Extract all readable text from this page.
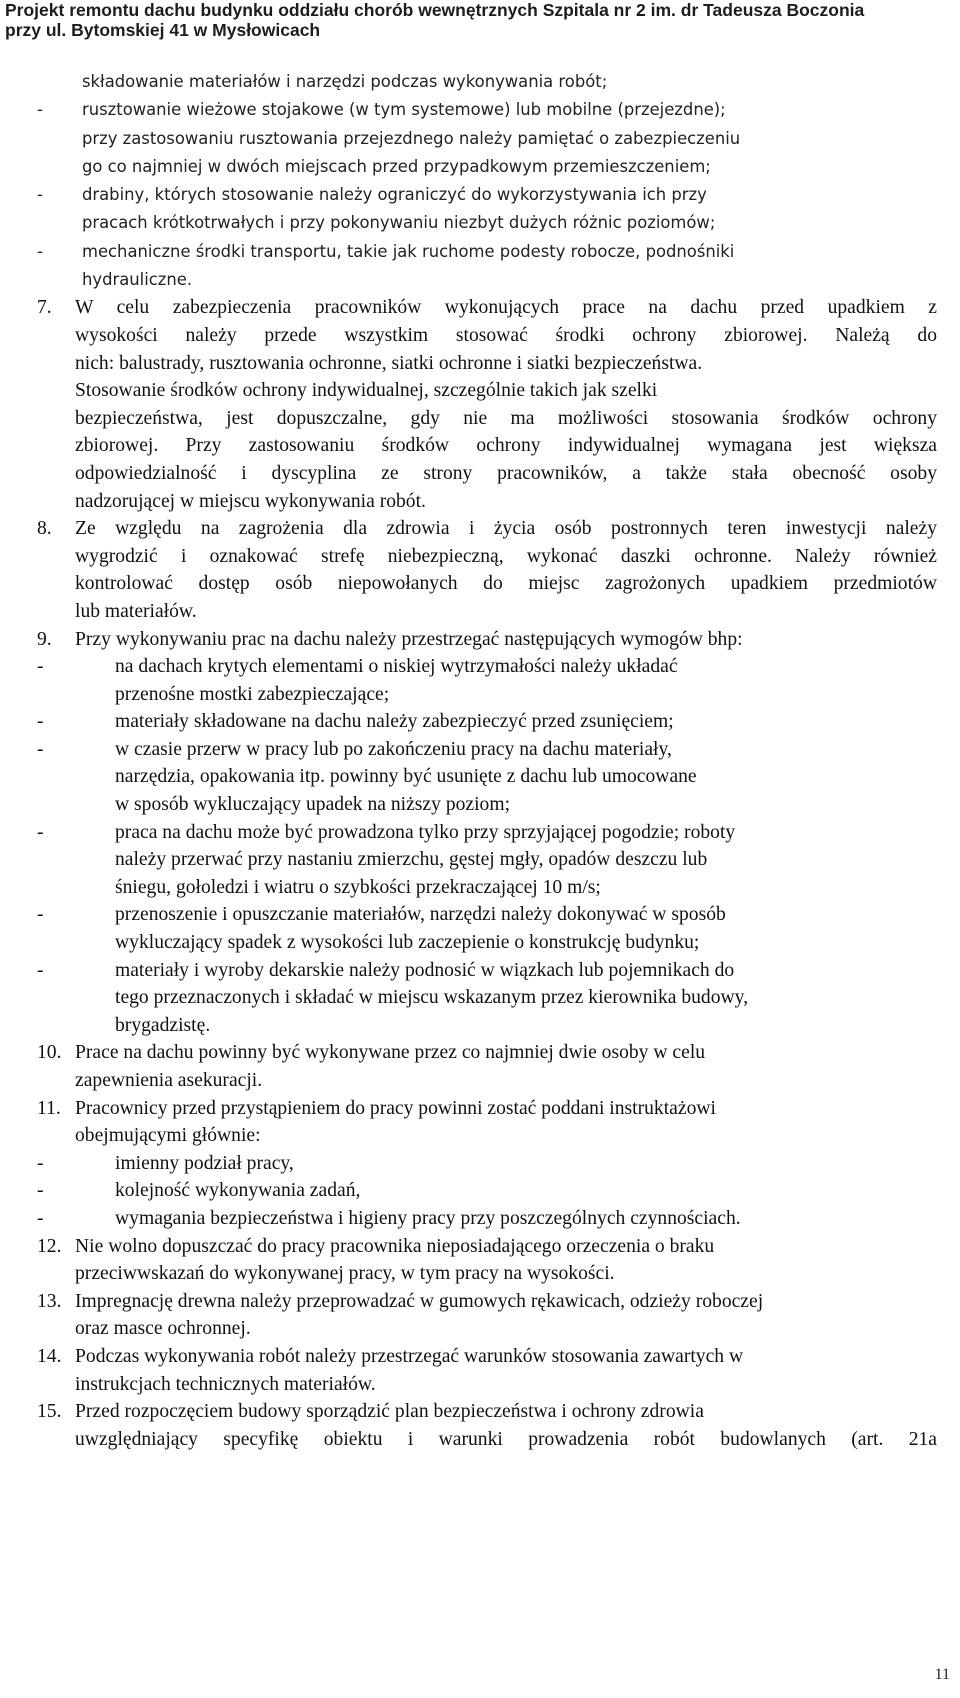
Projekt remontu dachu budynku oddziału chorób wewnętrznych Szpitala nr 2 im. dr Tadeusza Boczonia
przy ul. Bytomskiej 41 w Mysłowicach
składowanie materiałów i narzędzi podczas wykonywania robót;
- rusztowanie wieżowe stojakowe (w tym systemowe) lub mobilne (przejezdne);
przy zastosowaniu rusztowania przejezdnego należy pamiętać o zabezpieczeniu
go co najmniej w dwóch miejscach przed przypadkowym przemieszczeniem;
- drabiny, których stosowanie należy ograniczyć do wykorzystywania ich przy
pracach krótkotrwałych i przy pokonywaniu niezbyt dużych różnic poziomów;
- mechaniczne środki transportu, takie jak ruchome podesty robocze, podnośniki
hydrauliczne.
7. W celu zabezpieczenia pracowników wykonujących prace na dachu przed upadkiem z
wysokości należy przede wszystkim stosować środki ochrony zbiorowej. Należą do
nich: balustrady, rusztowania ochronne, siatki ochronne i siatki bezpieczeństwa.
Stosowanie środków ochrony indywidualnej, szczególnie takich jak szelki
bezpieczeństwa, jest dopuszczalne, gdy nie ma możliwości stosowania środków ochrony
zbiorowej. Przy zastosowaniu środków ochrony indywidualnej wymagana jest większa
odpowiedzialność i dyscyplina ze strony pracowników, a także stała obecność osoby
nadzorującej w miejscu wykonywania robót.
8. Ze względu na zagrożenia dla zdrowia i życia osób postronnych teren inwestycji należy
wygrodzić i oznakować strefę niebezpieczną, wykonać daszki ochronne. Należy również
kontrolować dostęp osób niepowołanych do miejsc zagrożonych upadkiem przedmiotów
lub materiałów.
9. Przy wykonywaniu prac na dachu należy przestrzegać następujących wymogów bhp:
-	na dachach krytych elementami o niskiej wytrzymałości należy układać
przenośne mostki zabezpieczające;
-	materiały składowane na dachu należy zabezpieczyć przed zsunięciem;
-	w czasie przerw w pracy lub po zakończeniu pracy na dachu materiały,
narzędzia, opakowania itp. powinny być usunięte z dachu lub umocowane
w sposób wykluczający upadek na niższy poziom;
-	praca na dachu może być prowadzona tylko przy sprzyjającej pogodzie; roboty
należy przerwać przy nastaniu zmierzchu, gęstej mgły, opadów deszczu lub
śniegu, gołoledzi i wiatru o szybkości przekraczającej 10 m/s;
-	przenoszenie i opuszczanie materiałów, narzędzi należy dokonywać w sposób
wykluczający spadek z wysokości lub zaczepienie o konstrukcję budynku;
-	materiały i wyroby dekarskie należy podnosić w wiązkach lub pojemnikach do
tego przeznaczonych i składać w miejscu wskazanym przez kierownika budowy,
brygadzistę.
10. Prace na dachu powinny być wykonywane przez co najmniej dwie osoby w celu
zapewnienia asekuracji.
11. Pracownicy przed przystąpieniem do pracy powinni zostać poddani instruktażowi
obejmującymi głównie:
-	imienny podział pracy,
-	kolejność wykonywania zadań,
-	wymagania bezpieczeństwa i higieny pracy przy poszczególnych czynnościach.
12. Nie wolno dopuszczać do pracy pracownika nieposiadającego orzeczenia o braku
przeciwwskazań do wykonywanej pracy, w tym pracy na wysokości.
13. Impregnację drewna należy przeprowadzać w gumowych rękawicach, odzieży roboczej
oraz masce ochronnej.
14. Podczas wykonywania robót należy przestrzegać warunków stosowania zawartych w
instrukcjach technicznych materiałów.
15. Przed rozpoczęciem budowy sporządzić plan bezpieczeństwa i ochrony zdrowia
uwzględniający specyfikę obiektu i warunki prowadzenia robót budowlanych (art. 21a
11
